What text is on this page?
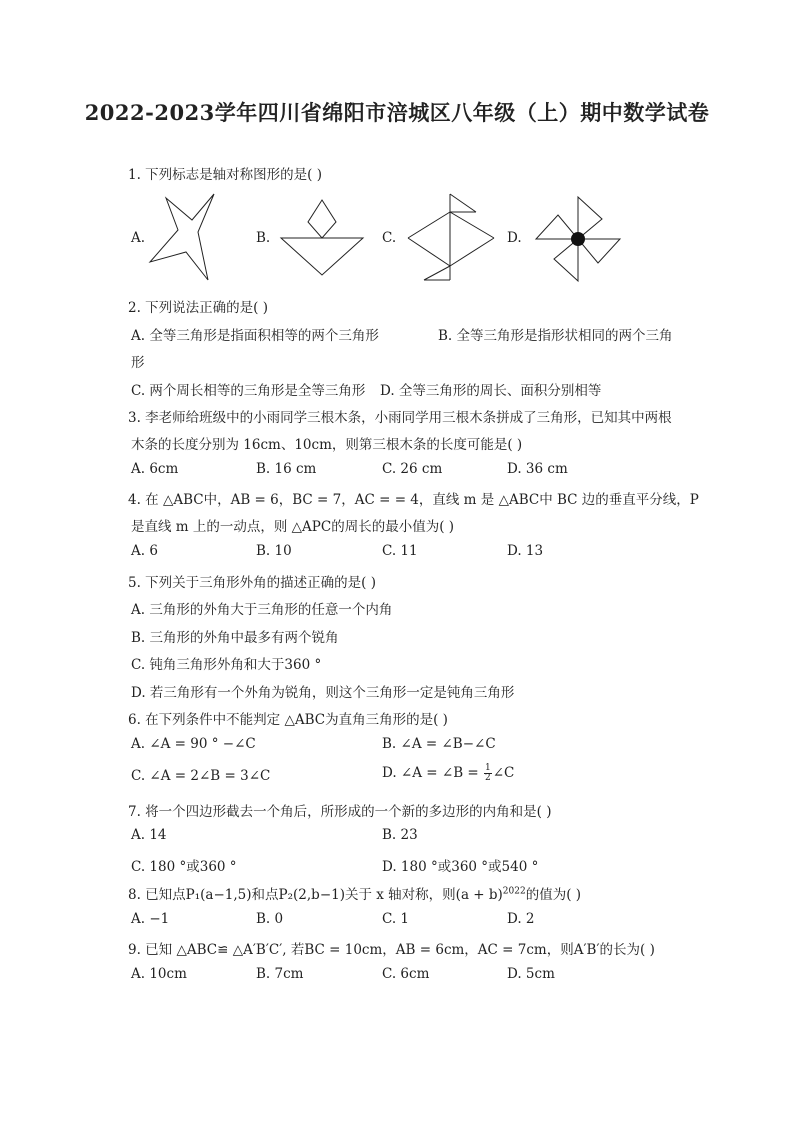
2022-2023学年四川省绵阳市涪城区八年级（上）期中数学试卷
1. 下列标志是轴对称图形的是( )
A.	B.	C.	D.
2. 下列说法正确的是( )
A. 全等三角形是指面积相等的两个三角形	B. 全等三角形是指形状相同的两个三角
形
C. 两个周长相等的三角形是全等三角形 D. 全等三角形的周长、面积分别相等
3. 李老师给班级中的小雨同学三根木条，小雨同学用三根木条拼成了三角形，已知其中两根
木条的长度分别为 16cm、10cm，则第三根木条的长度可能是( )
A. 6cm	B. 16 cm	C. 26 cm	D. 36 cm
4. 在 △ABC中，AB = 6，BC = 7，AC = = 4，直线 m 是 △ABC中 BC 边的垂直平分线，P
是直线 m 上的一动点，则 △APC的周长的最小值为( )
A. 6	B. 10	C. 11	D. 13
5. 下列关于三角形外角的描述正确的是( )
A. 三角形的外角大于三角形的任意一个内角
B. 三角形的外角中最多有两个锐角
C. 钝角三角形外角和大于360 °
D. 若三角形有一个外角为锐角，则这个三角形一定是钝角三角形
6. 在下列条件中不能判定 △ABC为直角三角形的是( )
A. ∠A = 90 ° −∠C	B. ∠A = ∠B−∠C
C. ∠A = 2∠B = 3∠C	D. ∠A = ∠B = $\frac{1}{2}$ ∠C
7. 将一个四边形截去一个角后，所形成的一个新的多边形的内角和是( )
A. 14	B. 23
C. 180 °或360 °	D. 180 °或360 °或540 °
8. 已知点P₁(a−1,5)和点P₂(2,b−1)关于 x 轴对称，则$(a + b)^{2022}$的值为( )
A. −1	B. 0	C. 1	D. 2
9. 已知 △ABC≌ △A′B′C′, 若BC = 10cm，AB = 6cm，AC = 7cm，则A′B′的长为( )
A. 10cm	B. 7cm	C. 6cm	D. 5cm
